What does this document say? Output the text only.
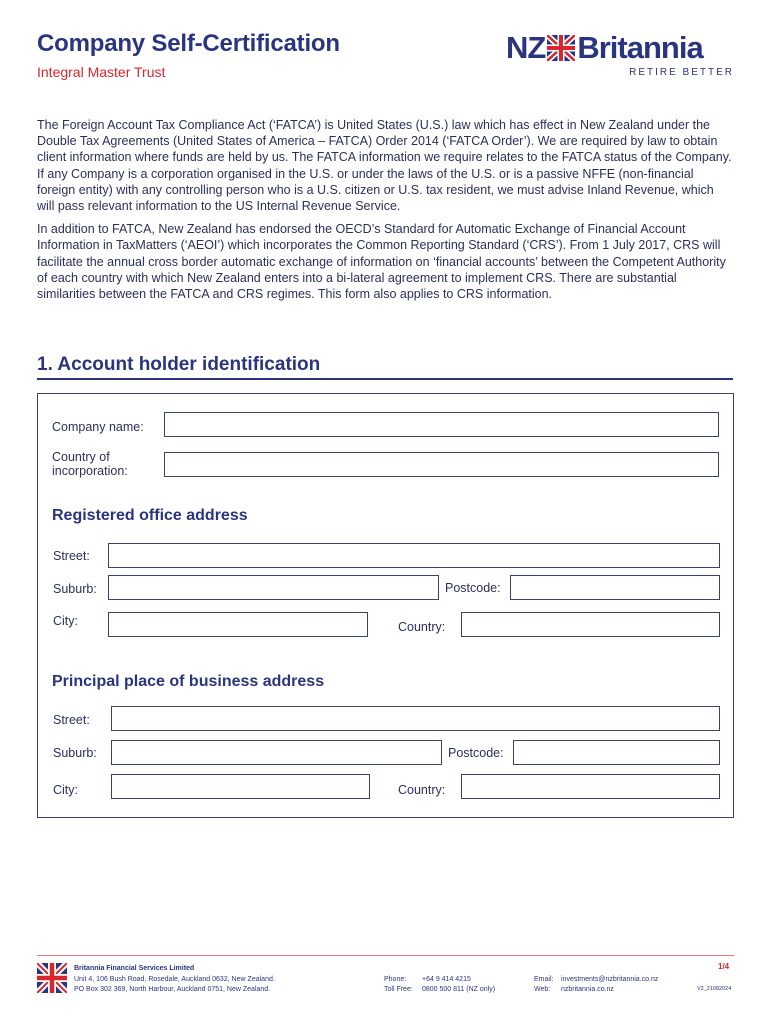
Company Self-Certification
Integral Master Trust
NZ Britannia
RETIRE BETTER

The Foreign Account Tax Compliance Act (‘FATCA’) is United States (U.S.) law which has effect in New Zealand under the Double Tax Agreements (United States of America – FATCA) Order 2014 (‘FATCA Order’). We are required by law to obtain client information where funds are held by us. The FATCA information we require relates to the FATCA status of the Company. If any Company is a corporation organised in the U.S. or under the laws of the U.S. or is a passive NFFE (non-financial foreign entity) with any controlling person who is a U.S. citizen or U.S. tax resident, we must advise Inland Revenue, which will pass relevant information to the US Internal Revenue Service.

In addition to FATCA, New Zealand has endorsed the OECD’s Standard for Automatic Exchange of Financial Account Information in TaxMatters (‘AEOI’) which incorporates the Common Reporting Standard (‘CRS’). From 1 July 2017, CRS will facilitate the annual cross border automatic exchange of information on ‘financial accounts’ between the Competent Authority of each country with which New Zealand enters into a bi-lateral agreement to implement CRS. There are substantial similarities between the FATCA and CRS regimes. This form also applies to CRS information.

1. Account holder identification
Company name:
Country of
incorporation:
Registered office address
Street:
Suburb:	Postcode:
City:	Country:
Principal place of business address
Street:
Suburb:	Postcode:
City:	Country:
Britannia Financial Services Limited
Unit 4, 106 Bush Road, Rosedale, Auckland 0632, New Zealand.
PO Box 302 369, North Harbour, Auckland 0751, New Zealand.
Phone: +64 9 414 4215
Toll Free: 0800 500 811 (NZ only)
Email: investments@nzbritannia.co.nz
Web: nzbritannia.co.nz
1/4
V2_21082024
